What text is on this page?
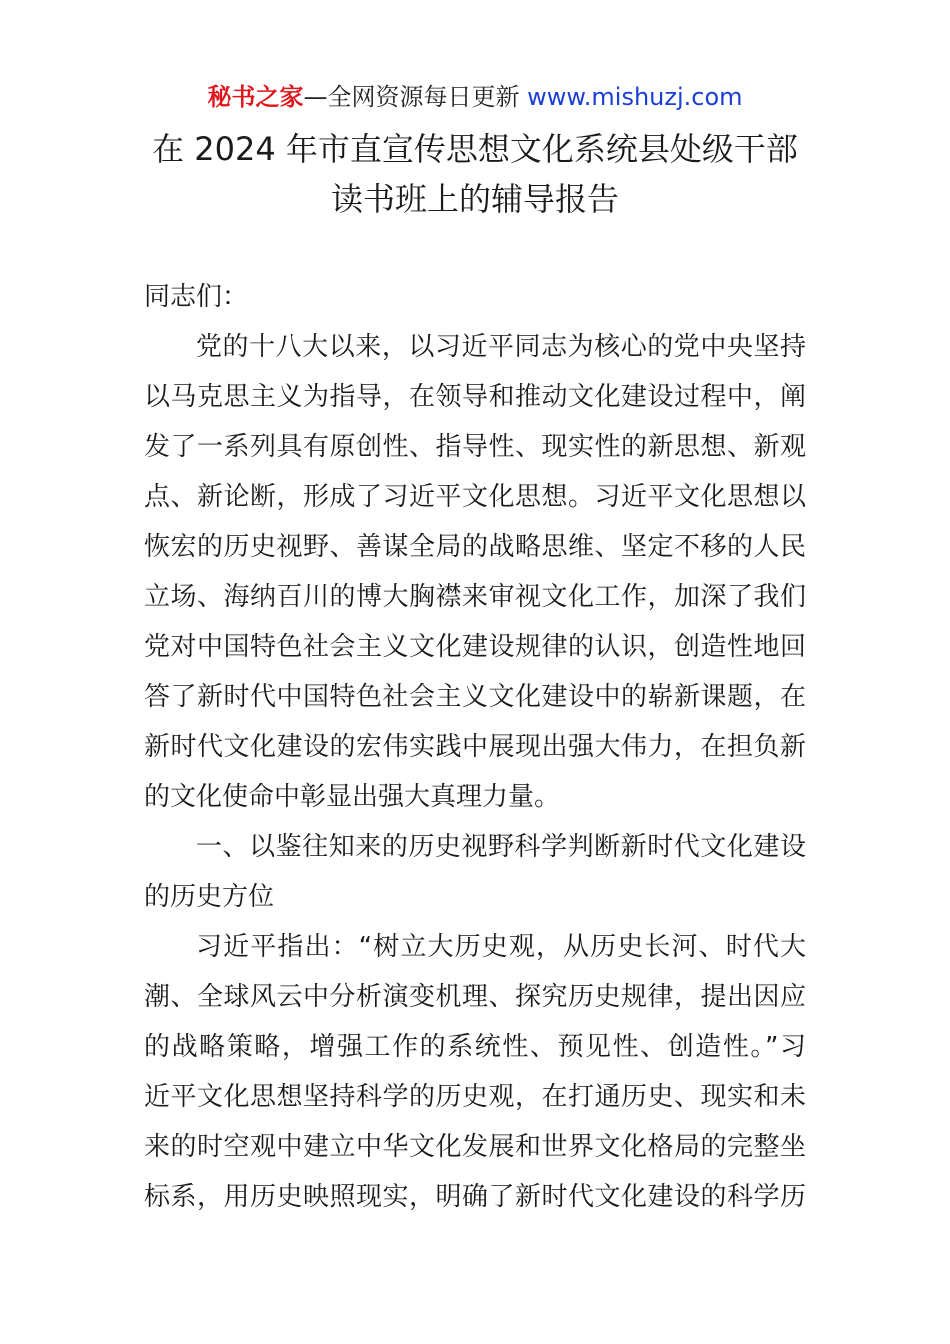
秘书之家—全网资源每日更新 www.mishuzj.com
在 2024 年市直宣传思想文化系统县处级干部
读书班上的辅导报告
同志们：
党的十八大以来，以习近平同志为核心的党中央坚持
以马克思主义为指导，在领导和推动文化建设过程中，阐
发了一系列具有原创性、指导性、现实性的新思想、新观
点、新论断，形成了习近平文化思想。习近平文化思想以
恢宏的历史视野、善谋全局的战略思维、坚定不移的人民
立场、海纳百川的博大胸襟来审视文化工作，加深了我们
党对中国特色社会主义文化建设规律的认识，创造性地回
答了新时代中国特色社会主义文化建设中的崭新课题，在
新时代文化建设的宏伟实践中展现出强大伟力，在担负新
的文化使命中彰显出强大真理力量。
一、以鉴往知来的历史视野科学判断新时代文化建设
的历史方位
习近平指出：“树立大历史观，从历史长河、时代大
潮、全球风云中分析演变机理、探究历史规律，提出因应
的战略策略，增强工作的系统性、预见性、创造性。”习
近平文化思想坚持科学的历史观，在打通历史、现实和未
来的时空观中建立中华文化发展和世界文化格局的完整坐
标系，用历史映照现实，明确了新时代文化建设的科学历
